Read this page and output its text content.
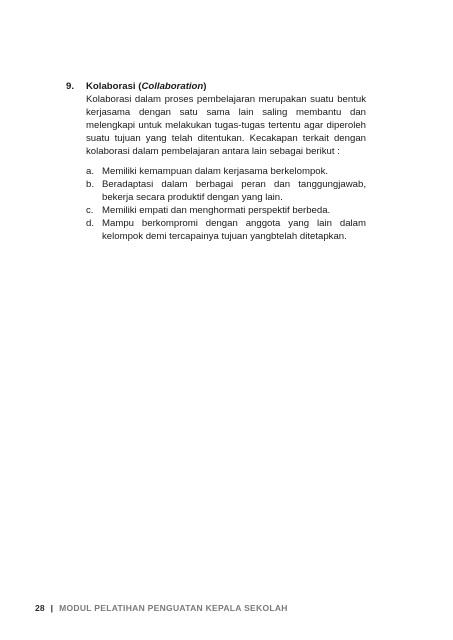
9. Kolaborasi (Collaboration)

Kolaborasi dalam proses pembelajaran merupakan suatu bentuk kerjasama dengan satu sama lain saling membantu dan melengkapi untuk melakukan tugas-tugas tertentu agar diperoleh suatu tujuan yang telah ditentukan. Kecakapan terkait dengan kolaborasi dalam pembelajaran antara lain sebagai berikut :

a. Memiliki kemampuan dalam kerjasama berkelompok.
b. Beradaptasi dalam berbagai peran dan tanggungjawab, bekerja secara produktif dengan yang lain.
c. Memiliki empati dan menghormati perspektif berbeda.
d. Mampu berkompromi dengan anggota yang lain dalam kelompok demi tercapainya tujuan yangbtelah ditetapkan.
28 | MODUL PELATIHAN PENGUATAN KEPALA SEKOLAH
